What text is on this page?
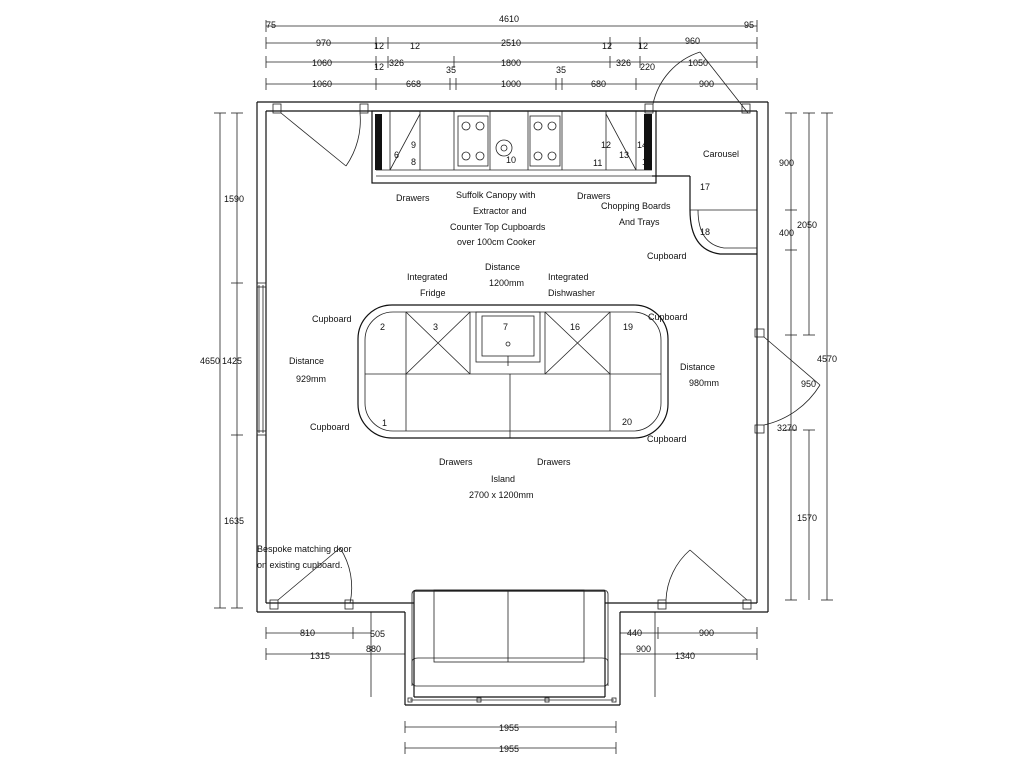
75
4610
95
970	12	12	2510	12	12	960
1060	12 326	1800	326 220	1050
1060	668
35
1000
35
680	900
1590
4650 1425
1635
900
400
2050
4570
950
3270
1570
810	505
1315
880
440	900
900
1340
1955
1955
4
5 6
9
8	10
12
11
13
14
15
17
18
2	3	7	16	19
1	20
Drawers	Suffolk Canopy with
Extractor and
Counter Top Cupboards
over 100cm Cooker
Drawers
Chopping Boards
And Trays
Carousel
Cupboard
Integrated
Fridge
Distance
1200mm
Integrated
Dishwasher
Cupboard
Cupboard
Cupboard
Cupboard
Distance
929mm
Distance
980mm
Drawers	Drawers
Island
2700 x 1200mm
Bespoke matching door
on existing cupboard.
